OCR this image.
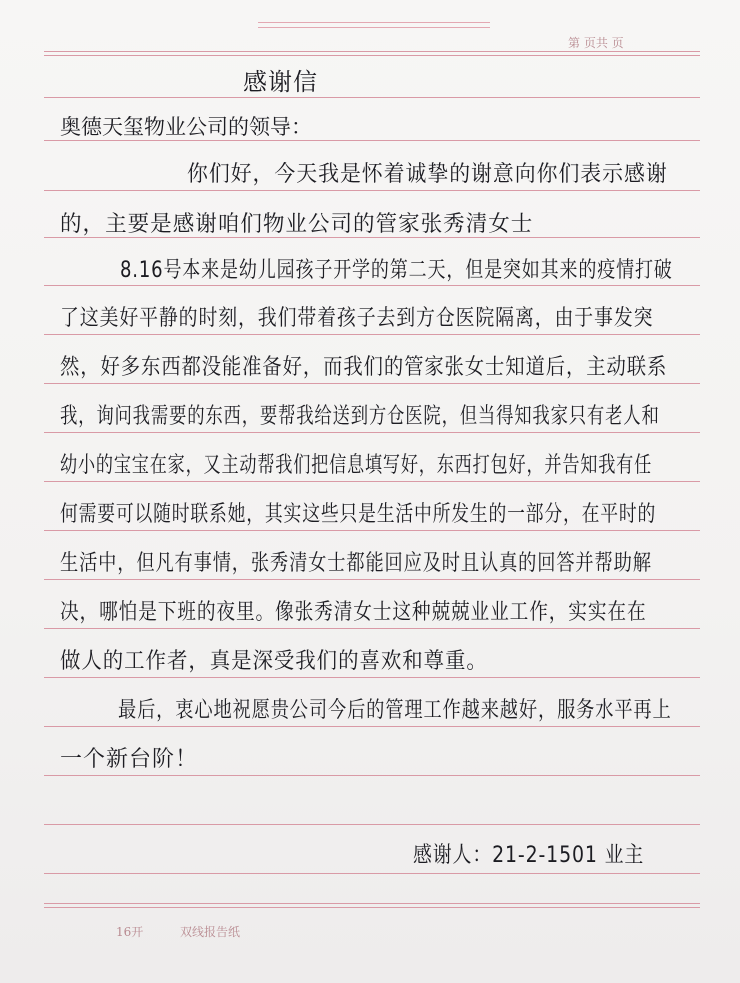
第 页共 页
16开	双线报告纸
感谢信
奥德天玺物业公司的领导：
你们好，今天我是怀着诚挚的谢意向你们表示感谢
的，主要是感谢咱们物业公司的管家张秀清女士
8.16号本来是幼儿园孩子开学的第二天，但是突如其来的疫情打破
了这美好平静的时刻，我们带着孩子去到方仓医院隔离，由于事发突
然，好多东西都没能准备好，而我们的管家张女士知道后，主动联系
我，询问我需要的东西，要帮我给送到方仓医院，但当得知我家只有老人和
幼小的宝宝在家，又主动帮我们把信息填写好，东西打包好，并告知我有任
何需要可以随时联系她，其实这些只是生活中所发生的一部分，在平时的
生活中，但凡有事情，张秀清女士都能回应及时且认真的回答并帮助解
决，哪怕是下班的夜里。像张秀清女士这种兢兢业业工作，实实在在
做人的工作者，真是深受我们的喜欢和尊重。
最后，衷心地祝愿贵公司今后的管理工作越来越好，服务水平再上
一个新台阶！
感谢人：21-2-1501 业主
